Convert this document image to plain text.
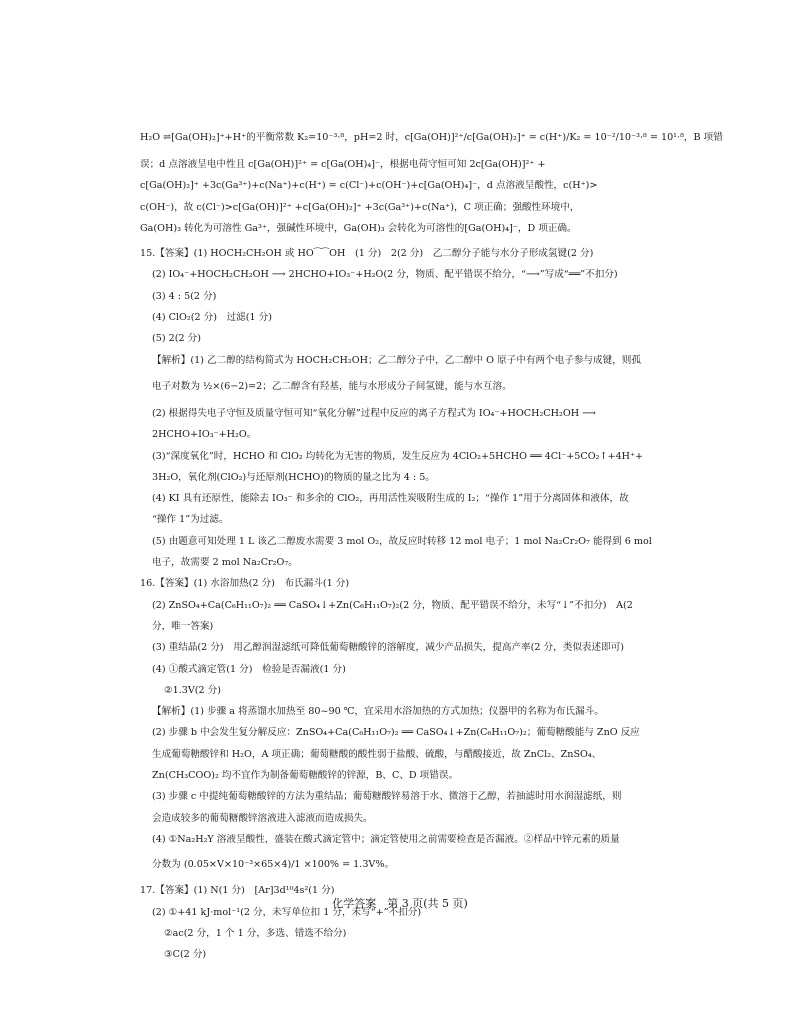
H₂O ⇌[Ga(OH)₂]⁺+H⁺的平衡常数 K₂=10⁻³·⁸，pH=2 时，c[Ga(OH)]²⁺/c[Ga(OH)₂]⁺ = c(H⁺)/K₂ = 10⁻²/10⁻³·⁸ = 10¹·⁸，B 项错
误；d 点溶液呈电中性且 c[Ga(OH)]²⁺ = c[Ga(OH)₄]⁻，根据电荷守恒可知 2c[Ga(OH)]²⁺ +
c[Ga(OH)₂]⁺ +3c(Ga³⁺)+c(Na⁺)+c(H⁺) = c(Cl⁻)+c(OH⁻)+c[Ga(OH)₄]⁻，d 点溶液呈酸性，c(H⁺)>
c(OH⁻)，故 c(Cl⁻)>c[Ga(OH)]²⁺ +c[Ga(OH)₂]⁺ +3c(Ga³⁺)+c(Na⁺)，C 项正确；强酸性环境中，
Ga(OH)₃ 转化为可溶性 Ga³⁺，强碱性环境中，Ga(OH)₃ 会转化为可溶性的[Ga(OH)₄]⁻，D 项正确。
15.【答案】(1) HOCH₂CH₂OH 或 HO⁀⁀OH　(1 分)　2(2 分)　乙二醇分子能与水分子形成氢键(2 分)
(2) IO₄⁻+HOCH₂CH₂OH ⟶ 2HCHO+IO₃⁻+H₂O(2 分，物质、配平错误不给分，“⟶”写成“══”不扣分)
(3) 4 : 5(2 分)
(4) ClO₂(2 分)　过滤(1 分)
(5) 2(2 分)
【解析】(1) 乙二醇的结构简式为 HOCH₂CH₂OH；乙二醇分子中，乙二醇中 O 原子中有两个电子参与成键，则孤
电子对数为 ½×(6−2)=2；乙二醇含有羟基，能与水形成分子间氢键，能与水互溶。
(2) 根据得失电子守恒及质量守恒可知“氧化分解”过程中反应的离子方程式为 IO₄⁻+HOCH₂CH₂OH ⟶
2HCHO+IO₃⁻+H₂O。
(3)“深度氧化”时，HCHO 和 ClO₂ 均转化为无害的物质，发生反应为 4ClO₂+5HCHO ══ 4Cl⁻+5CO₂↑+4H⁺+
3H₂O，氧化剂(ClO₂)与还原剂(HCHO)的物质的量之比为 4 : 5。
(4) KI 具有还原性，能除去 IO₃⁻ 和多余的 ClO₂，再用活性炭吸附生成的 I₂；“操作 1”用于分离固体和液体，故
“操作 1”为过滤。
(5) 由题意可知处理 1 L 该乙二醇废水需要 3 mol O₂，故反应时转移 12 mol 电子；1 mol Na₂Cr₂O₇ 能得到 6 mol
电子，故需要 2 mol Na₂Cr₂O₇。
16.【答案】(1) 水浴加热(2 分)　布氏漏斗(1 分)
(2) ZnSO₄+Ca(C₆H₁₁O₇)₂ ══ CaSO₄↓+Zn(C₆H₁₁O₇)₂(2 分，物质、配平错误不给分，未写“↓”不扣分)　A(2
分，唯一答案)
(3) 重结晶(2 分)　用乙醇润湿滤纸可降低葡萄糖酸锌的溶解度，减少产品损失，提高产率(2 分，类似表述即可)
(4) ①酸式滴定管(1 分)　检验是否漏液(1 分)
②1.3V(2 分)
【解析】(1) 步骤 a 将蒸馏水加热至 80~90 ℃，宜采用水浴加热的方式加热；仪器甲的名称为布氏漏斗。
(2) 步骤 b 中会发生复分解反应：ZnSO₄+Ca(C₆H₁₁O₇)₂ ══ CaSO₄↓+Zn(C₆H₁₁O₇)₂；葡萄糖酸能与 ZnO 反应
生成葡萄糖酸锌和 H₂O，A 项正确；葡萄糖酸的酸性弱于盐酸、硫酸，与醋酸接近，故 ZnCl₂、ZnSO₄、
Zn(CH₃COO)₂ 均不宜作为制备葡萄糖酸锌的锌源，B、C、D 项错误。
(3) 步骤 c 中提纯葡萄糖酸锌的方法为重结晶；葡萄糖酸锌易溶于水、微溶于乙醇，若抽滤时用水润湿滤纸，则
会造成较多的葡萄糖酸锌溶液进入滤液而造成损失。
(4) ①Na₂H₂Y 溶液呈酸性，盛装在酸式滴定管中；滴定管使用之前需要检查是否漏液。②样品中锌元素的质量
分数为 (0.05×V×10⁻³×65×4)/1 ×100% = 1.3V%。
17.【答案】(1) N(1 分)　[Ar]3d¹⁰4s²(1 分)
(2) ①+41 kJ·mol⁻¹(2 分，未写单位扣 1 分，未写“+”不扣分)
②ac(2 分，1 个 1 分，多选、错选不给分)
③C(2 分)
化学答案　第 3 页(共 5 页)
